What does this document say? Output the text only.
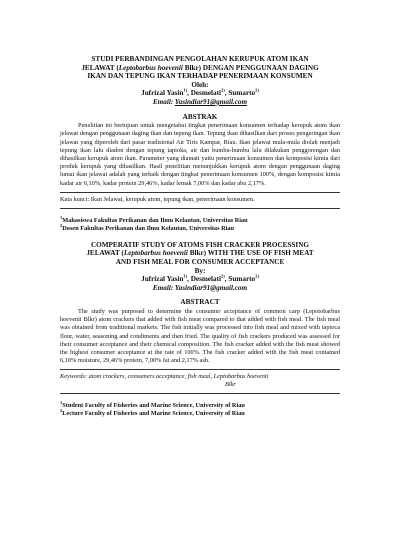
STUDI PERBANDINGAN PENGOLAHAN KERUPUK ATOM IKAN
JELAWAT (Leptobarbus hoevenii Blkr) DENGAN PENGGUNAAN DAGING
IKAN DAN TEPUNG IKAN TERHADAP PENERIMAAN KONSUMEN
Oleh:
Jufrizal Yasin$^{1)}$, Desmelati$^{2)}$, Sumarto$^{2)}$
Email: Yasindiar91@gmail.com
ABSTRAK
Penelitian ini bertujuan untuk mengetahui tingkat penerimaan konsumen terhadap kerupuk atom ikan jelawat dengan penggunaan daging ikan dan tepung ikan. Tepung ikan dihasilkan dari proses pengeringan ikan jelawat yang diperoleh dari pasar tradisional Air Tiris Kampar, Riau. Ikan jelawat mula-mula diolah menjadi tepung ikan lalu diadon dengan tepung tapioka, air dan bumbu-bumbu lalu dilakukan penggorengan dan dihasilkan kerupuk atom ikan. Parameter yang diamati yaitu penerimaan konsumen dan komposisi kimia dari produk kerupuk yang dihasilkan. Hasil penelitian menunjukkan kerupuk atom dengan penggunaan daging lumat ikan jelawat adalah yang terbaik dengan tingkat penerimaan konsumen 100%, dengan komposisi kimia kadar air 6,10%, kadar protein 29,46%, kadar lemak 7,00% dan kadar abu 2,17%.
Kata kunci: Ikan Jelawat, kerupuk atom, tepung ikan, penerimaan konsumen.
$^1$Mahasiswa Fakultas Perikanan dan Ilmu Kelautan, Universitas Riau
$^2$Dosen Fakultas Perikanan dan Ilmu Kelautan, Universitas Riau
COMPERATIF STUDY OF ATOMS FISH CRACKER PROCESSING
JELAWAT (Leptobarbus hoevenii Blkr) WITH THE USE OF FISH MEAT
AND FISH MEAL FOR CONSUMER ACCEPTANCE
By:
Jufrizal Yasin$^{1)}$, Desmelati$^{2)}$, Sumarto$^{2)}$
Email: Yasindiar91@gmail.com
ABSTRACT
The study was purposed to determine the consumer acceptance of common carp (Lepotobarbus hoevenii Blkr) atom crackers that added with fish meat compared to that added with fish meal. The fish meal was obtained from traditional markets. The fish initially was processed into fish meal and mixed with tapioca flour, water, seasoning and condiments and then fried. The quality of fish crackers produced was assessed for their consumer acceptance and their chemical composition. The fish cracker added with the fish meat showed the highest consumer acceptance at the rate of 100%. The fish cracker added with the fish meat contained 6,10% moisture, 29,46% protein, 7,00% fat and 2,17% ash.
Keywords: atom crackers, consumers acceptance, fish meal, Leptobarbus hoevenii
Blkr
$^1$Student Faculty of Fisheries and Marine Science, University of Riau
$^2$Lecture Faculty of Fisheries and Marine Science, University of Riau
